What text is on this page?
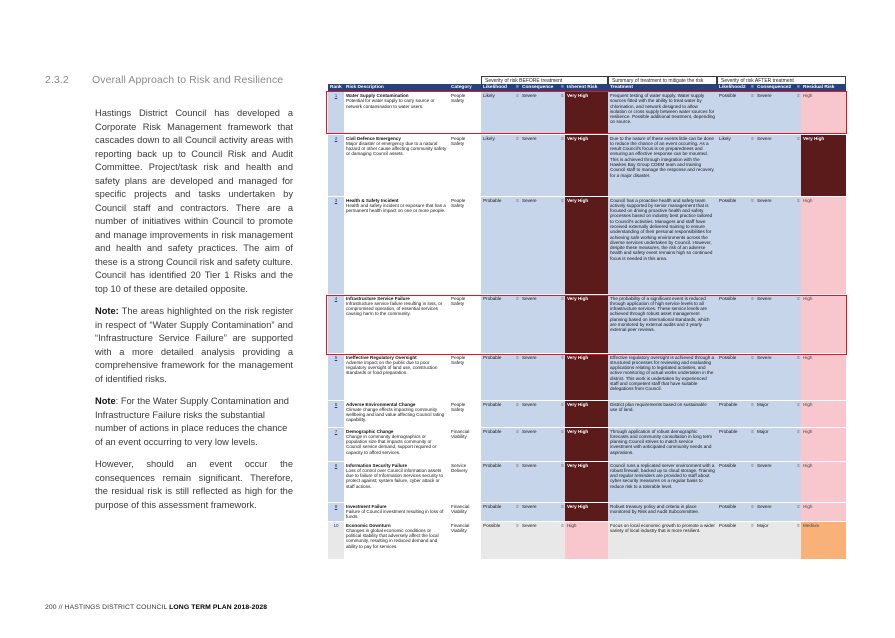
2.3.2 Overall Approach to Risk and Resilience

Hastings District Council has developed a Corporate Risk Management framework that cascades down to all Council activity areas with reporting back up to Council Risk and Audit Committee. Project/task risk and health and safety plans are developed and managed for specific projects and tasks undertaken by Council staff and contractors. There are a number of initiatives within Council to promote and manage improvements in risk management and health and safety practices. The aim of these is a strong Council risk and safety culture. Council has identified 20 Tier 1 Risks and the top 10 of these are detailed opposite.

Note: The areas highlighted on the risk register in respect of “Water Supply Contamination” and “Infrastructure Service Failure” are supported with a more detailed analysis providing a comprehensive framework for the management of identified risks.

Note: For the Water Supply Contamination and Infrastructure Failure risks the substantial number of actions in place reduces the chance of an event occurring to very low levels.

However, should an event occur the consequences remain significant. Therefore, the residual risk is still reflected as high for the purpose of this assessment framework.

Severity of risk BEFORE treatment	Summary of treatment to mitigate the risk	Severity of risk AFTER treatment
Rank	Risk Description	Category	Likelihood	≡	Consequence	≡	Inherent Risk	Treatment	Likelihood2	≡	Consequence2	≡	Residual Risk
1	Water Supply Contamination
Potential for water supply to carry source or network contamination to water users.	People Safety	Likely	≡	Severe	≡	Very High	Frequent testing of water supply. Water supply sources fitted with the ability to treat water by chlorination, and network designed to allow isolation or cross supply between water sources for resilience. Possible additional treatment, depending on source.	Possible	≡	Severe	≡	High
2	Civil Defence Emergency
Major disaster or emergency due to a natural hazard or other cause affecting community safety or damaging Council assets.	People Safety	Likely	≡	Severe	≡	Very High	Due to the nature of these events little can be done to reduce the chance of an event occurring. As a result Council's focus is on preparedness and ensuring an effective response can be mounted. This is achieved through integration with the Hawkes Bay Group CDEM team and training Council staff to manage the response and recovery for a major disaster.	Likely	≡	Severe	≡	Very High
3	Health & Safety Incident
Health and safety incident or exposure that has a permanent health impact on one or more people.	People Safety	Probable	≡	Severe	≡	Very High	Council has a proactive health and safety team actively supported by senior management that is focused on driving proactive health and safety processes based on industry best practice tailored to Council's activities. Managers and staff have received externally delivered training to ensure understanding of their personal responsibilities for achieving safe working environments across the diverse services undertaken by Council. However, despite these measures, the risk of an adverse health and safety event remains high so continued focus is needed in this area.	Possible	≡	Severe	≡	High
4	Infrastructure Service Failure
Infrastructure service failure resulting in loss, or compromised operation, of essential services causing harm to the community.	People Safety	Probable	≡	Severe	≡	Very High	The probability of a significant event is reduced through application of high service levels to all infrastructure services. These service levels are achieved through robust asset management planning based on international standards, which are monitored by external audits and 3 yearly external peer reviews.	Possible	≡	Severe	≡	High
5	Ineffective Regulatory Oversight
Adverse impact on the public due to poor regulatory oversight of land use, construction standards or food preparation.	People Safety	Probable	≡	Severe	≡	Very High	Effective regulatory oversight is achieved through a structured processes for reviewing and evaluating applications relating to legislated activities, and active monitoring of actual works undertaken in the district. This work is undertaken by experienced staff and competent staff that have suitable delegations from Council.	Possible	≡	Severe	≡	High
6	Adverse Environmental Change
Climate change effects impacting community wellbeing and land value affecting Council rating capability.	People Safety	Probable	≡	Severe	≡	Very High	District plan requirements based on sustainable use of land.	Probable	≡	Major	≡	High
7	Demographic Change
Change in community demographics or population size that impacts community or Council service demand, support required or capacity to afford services.	Financial Viability	Probable	≡	Severe	≡	Very High	Through application of robust demographic forecasts and community consultation in long term planning Council strives to match service investment with anticipated community needs and aspirations.	Probable	≡	Major	≡	High
8	Information Security Failure
Loss of control over Council information assets due to failure of Information Services security to protect against; system failure, cyber attack or staff actions.	Service Delivery	Probable	≡	Severe	≡	Very High	Council runs a replicated server environment with a robust firewall, backed up to cloud storage. Training and regular reminders are provided to staff about cyber security measures on a regular basis to reduce risk to a tolerable level.	Possible	≡	Severe	≡	High
9	Investment Failure
Failure of Council investment resulting in loss of funds.	Financial Viability	Probable	≡	Severe	≡	Very High	Robust treasury policy and criteria in place monitored by Risk and Audit Subcommittee.	Possible	≡	Severe	≡	High
10	Economic Downturn
Changes in global economic conditions or political stability that adversely affect the local community, resulting in reduced demand and ability to pay for services.	Financial Viability	Possible	≡	Severe	≡	High	Focus on local economic growth to promote a wider variety of local industry that is more resilient.	Possible	≡	Major	≡	Medium
200 // HASTINGS DISTRICT COUNCIL LONG TERM PLAN 2018-2028
